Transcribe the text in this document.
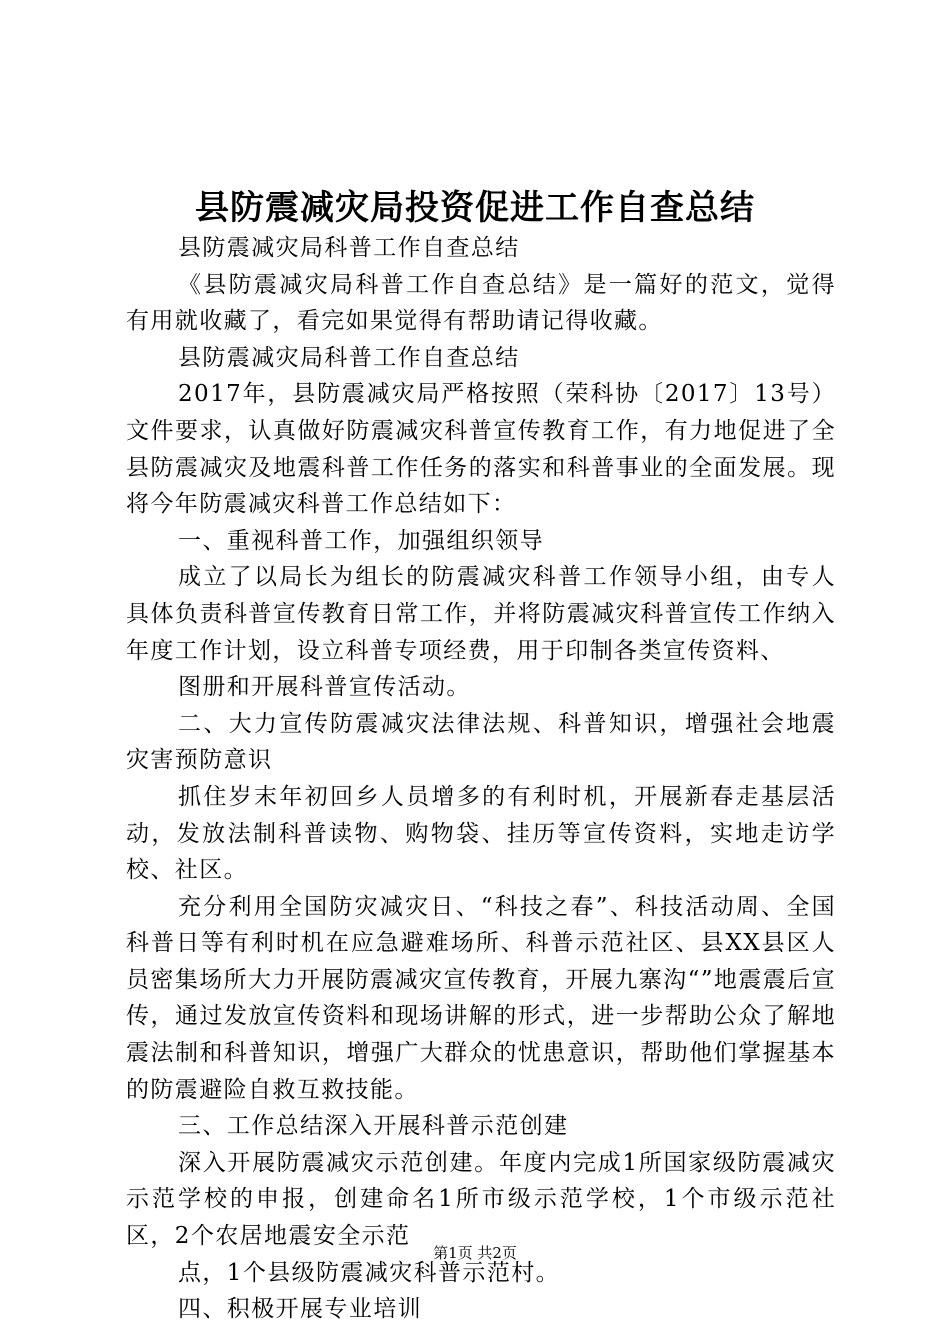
县防震减灾局投资促进工作自查总结

县防震减灾局科普工作自查总结

《县防震减灾局科普工作自查总结》是一篇好的范文，觉得有用就收藏了，看完如果觉得有帮助请记得收藏。

县防震减灾局科普工作自查总结

2017年，县防震减灾局严格按照（荣科协〔2017〕13号）文件要求，认真做好防震减灾科普宣传教育工作，有力地促进了全县防震减灾及地震科普工作任务的落实和科普事业的全面发展。现将今年防震减灾科普工作总结如下：

一、重视科普工作，加强组织领导

成立了以局长为组长的防震减灾科普工作领导小组，由专人具体负责科普宣传教育日常工作，并将防震减灾科普宣传工作纳入年度工作计划，设立科普专项经费，用于印制各类宣传资料、

图册和开展科普宣传活动。

二、大力宣传防震减灾法律法规、科普知识，增强社会地震灾害预防意识

抓住岁末年初回乡人员增多的有利时机，开展新春走基层活动，发放法制科普读物、购物袋、挂历等宣传资料，实地走访学校、社区。

充分利用全国防灾减灾日、“科技之春”、科技活动周、全国科普日等有利时机在应急避难场所、科普示范社区、县XX县区人员密集场所大力开展防震减灾宣传教育，开展九寨沟“”地震震后宣传，通过发放宣传资料和现场讲解的形式，进一步帮助公众了解地震法制和科普知识，增强广大群众的忧患意识，帮助他们掌握基本的防震避险自救互救技能。

三、工作总结深入开展科普示范创建

深入开展防震减灾示范创建。年度内完成1所国家级防震减灾示范学校的申报，创建命名1所市级示范学校，1个市级示范社区，2个农居地震安全示范

点，1个县级防震减灾科普示范村。

四、积极开展专业培训

第1页 共2页
